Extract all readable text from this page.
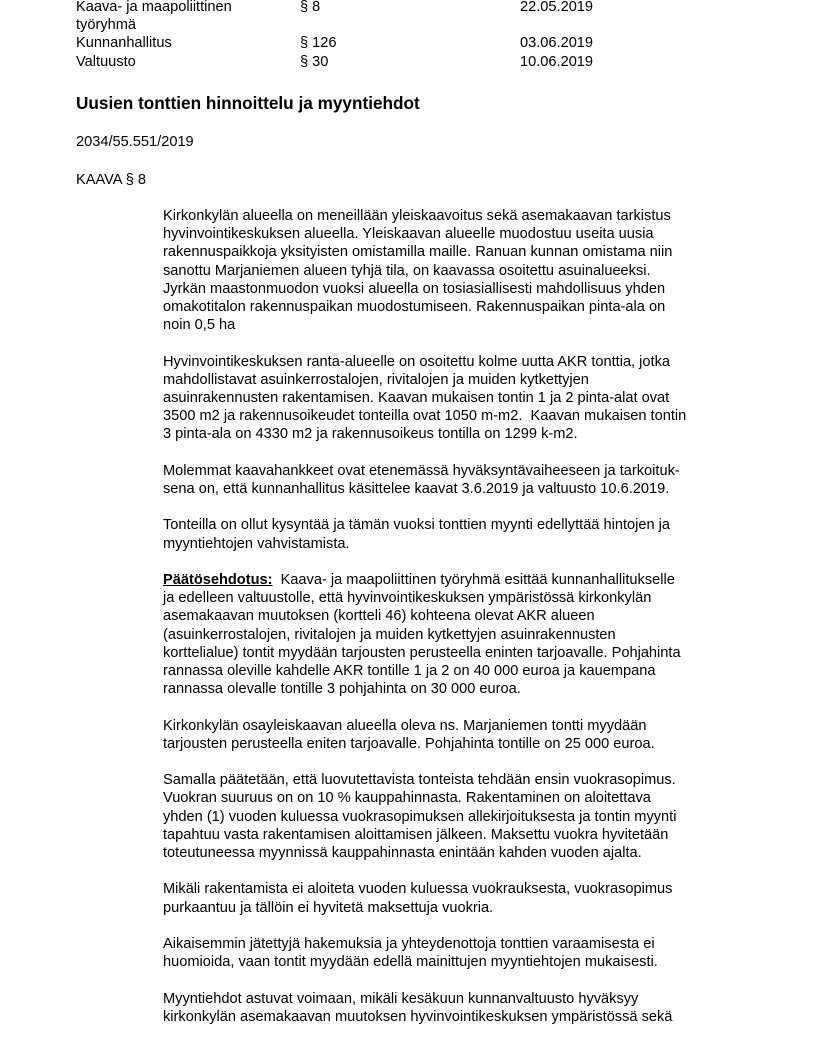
Kaava- ja maapoliittinen
työryhmä
§ 8	22.05.2019
Kunnanhallitus	§ 126	03.06.2019
Valtuusto	§ 30	10.06.2019
Uusien tonttien hinnoittelu ja myyntiehdot
2034/55.551/2019
KAAVA § 8

Kirkonkylän alueella on meneillään yleiskaavoitus sekä asemakaavan tarkistus
hyvinvointikeskuksen alueella. Yleiskaavan alueelle muodostuu useita uusia
rakennuspaikkoja yksityisten omistamilla maille. Ranuan kunnan omistama niin
sanottu Marjaniemen alueen tyhjä tila, on kaavassa osoitettu asuinalueeksi.
Jyrkän maastonmuodon vuoksi alueella on tosiasiallisesti mahdollisuus yhden
omakotitalon rakennuspaikan muodostumiseen. Rakennuspaikan pinta-ala on
noin 0,5 ha

Hyvinvointikeskuksen ranta-alueelle on osoitettu kolme uutta AKR tonttia, jotka
mahdollistavat asuinkerrostalojen, rivitalojen ja muiden kytkettyjen
asuinrakennusten rakentamisen. Kaavan mukaisen tontin 1 ja 2 pinta-alat ovat
3500 m2 ja rakennusoikeudet tonteilla ovat 1050 m-m2.  Kaavan mukaisen tontin
3 pinta-ala on 4330 m2 ja rakennusoikeus tontilla on 1299 k-m2.

Molemmat kaavahankkeet ovat etenemässä hyväksyntävaiheeseen ja tarkoituk-
sena on, että kunnanhallitus käsittelee kaavat 3.6.2019 ja valtuusto 10.6.2019.

Tonteilla on ollut kysyntää ja tämän vuoksi tonttien myynti edellyttää hintojen ja
myyntiehtojen vahvistamista.

Päätösehdotus:  Kaava- ja maapoliittinen työryhmä esittää kunnanhallitukselle
ja edelleen valtuustolle, että hyvinvointikeskuksen ympäristössä kirkonkylän
asemakaavan muutoksen (kortteli 46) kohteena olevat AKR alueen
(asuinkerrostalojen, rivitalojen ja muiden kytkettyjen asuinrakennusten
korttelialue) tontit myydään tarjousten perusteella eninten tarjoavalle. Pohjahinta
rannassa oleville kahdelle AKR tontille 1 ja 2 on 40 000 euroa ja kauempana
rannassa olevalle tontille 3 pohjahinta on 30 000 euroa.

Kirkonkylän osayleiskaavan alueella oleva ns. Marjaniemen tontti myydään
tarjousten perusteella eniten tarjoavalle. Pohjahinta tontille on 25 000 euroa.

Samalla päätetään, että luovutettavista tonteista tehdään ensin vuokrasopimus.
Vuokran suuruus on on 10 % kauppahinnasta. Rakentaminen on aloitettava
yhden (1) vuoden kuluessa vuokrasopimuksen allekirjoituksesta ja tontin myynti
tapahtuu vasta rakentamisen aloittamisen jälkeen. Maksettu vuokra hyvitetään
toteutuneessa myynnissä kauppahinnasta enintään kahden vuoden ajalta.

Mikäli rakentamista ei aloiteta vuoden kuluessa vuokrauksesta, vuokrasopimus
purkaantuu ja tällöin ei hyvitetä maksettuja vuokria.

Aikaisemmin jätettyjä hakemuksia ja yhteydenottoja tonttien varaamisesta ei
huomioida, vaan tontit myydään edellä mainittujen myyntiehtojen mukaisesti.

Myyntiehdot astuvat voimaan, mikäli kesäkuun kunnanvaltuusto hyväksyy
kirkonkylän asemakaavan muutoksen hyvinvointikeskuksen ympäristössä sekä
